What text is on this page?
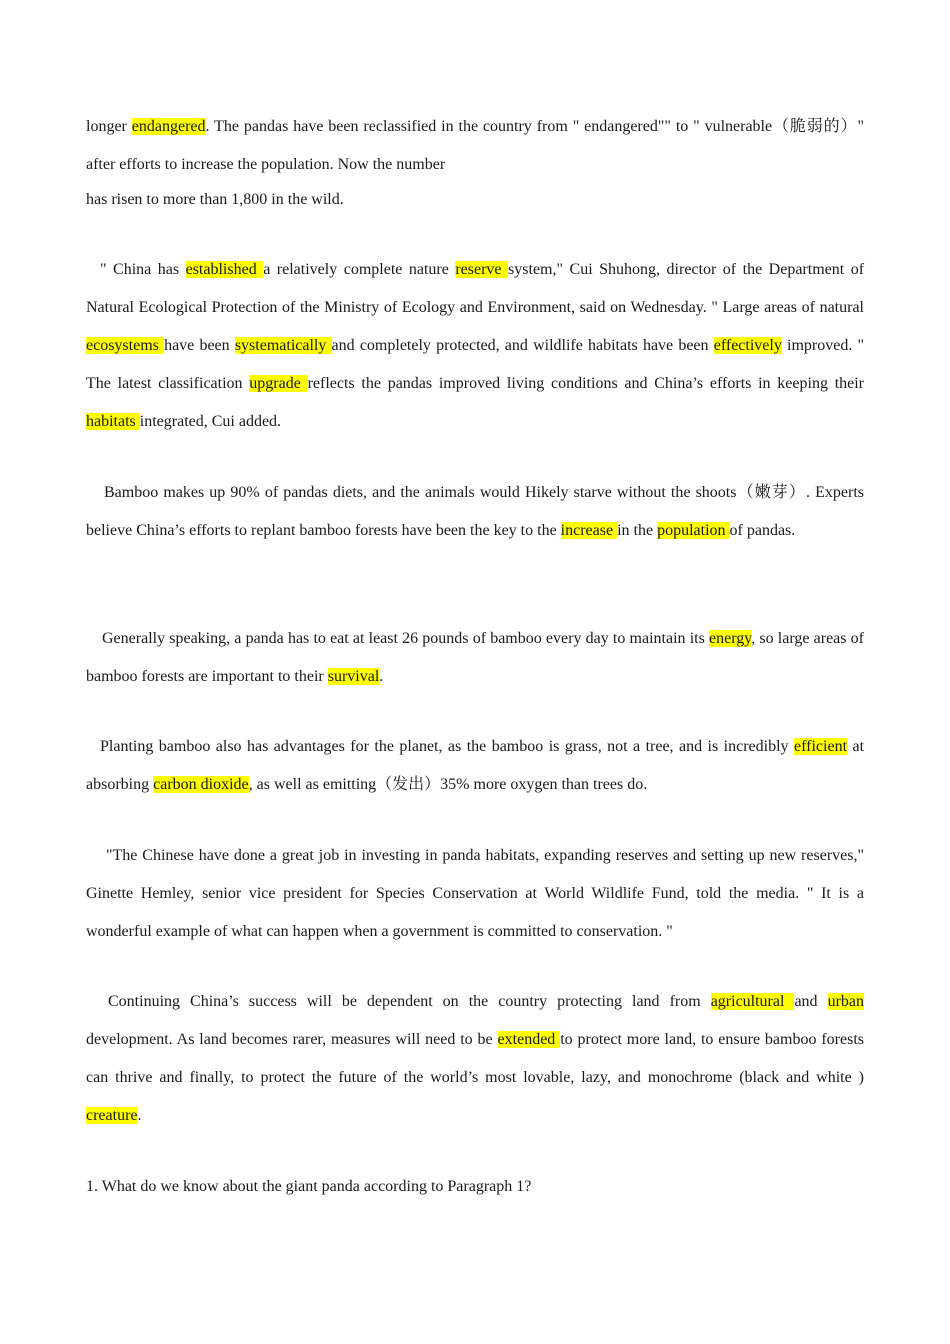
longer endangered. The pandas have been reclassified in the country from " endangered"" to " vulnerable（脆弱的）" after efforts to increase the population. Now the number

has risen to more than 1,800 in the wild.

" China has established a relatively complete nature reserve system," Cui Shuhong, director of the Department of Natural Ecological Protection of the Ministry of Ecology and Environment, said on Wednesday. " Large areas of natural ecosystems have been systematically and completely protected, and wildlife habitats have been effectively improved. " The latest classification upgrade reflects the pandas improved living conditions and China’s efforts in keeping their habitats integrated, Cui added.

Bamboo makes up 90% of pandas diets, and the animals would Hikely starve without the shoots（嫩芽）. Experts believe China’s efforts to replant bamboo forests have been the key to the increase in the population of pandas.

Generally speaking, a panda has to eat at least 26 pounds of bamboo every day to maintain its energy, so large areas of bamboo forests are important to their survival.

Planting bamboo also has advantages for the planet, as the bamboo is grass, not a tree, and is incredibly efficient at absorbing carbon dioxide, as well as emitting（发出）35% more oxygen than trees do.

"The Chinese have done a great job in investing in panda habitats, expanding reserves and setting up new reserves," Ginette Hemley, senior vice president for Species Conservation at World Wildlife Fund, told the media. " It is a wonderful example of what can happen when a government is committed to conservation. "

Continuing China’s success will be dependent on the country protecting land from agricultural and urban development. As land becomes rarer, measures will need to be extended to protect more land, to ensure bamboo forests can thrive and finally, to protect the future of the world’s most lovable, lazy, and monochrome (black and white ) creature.

1. What do we know about the giant panda according to Paragraph 1?
